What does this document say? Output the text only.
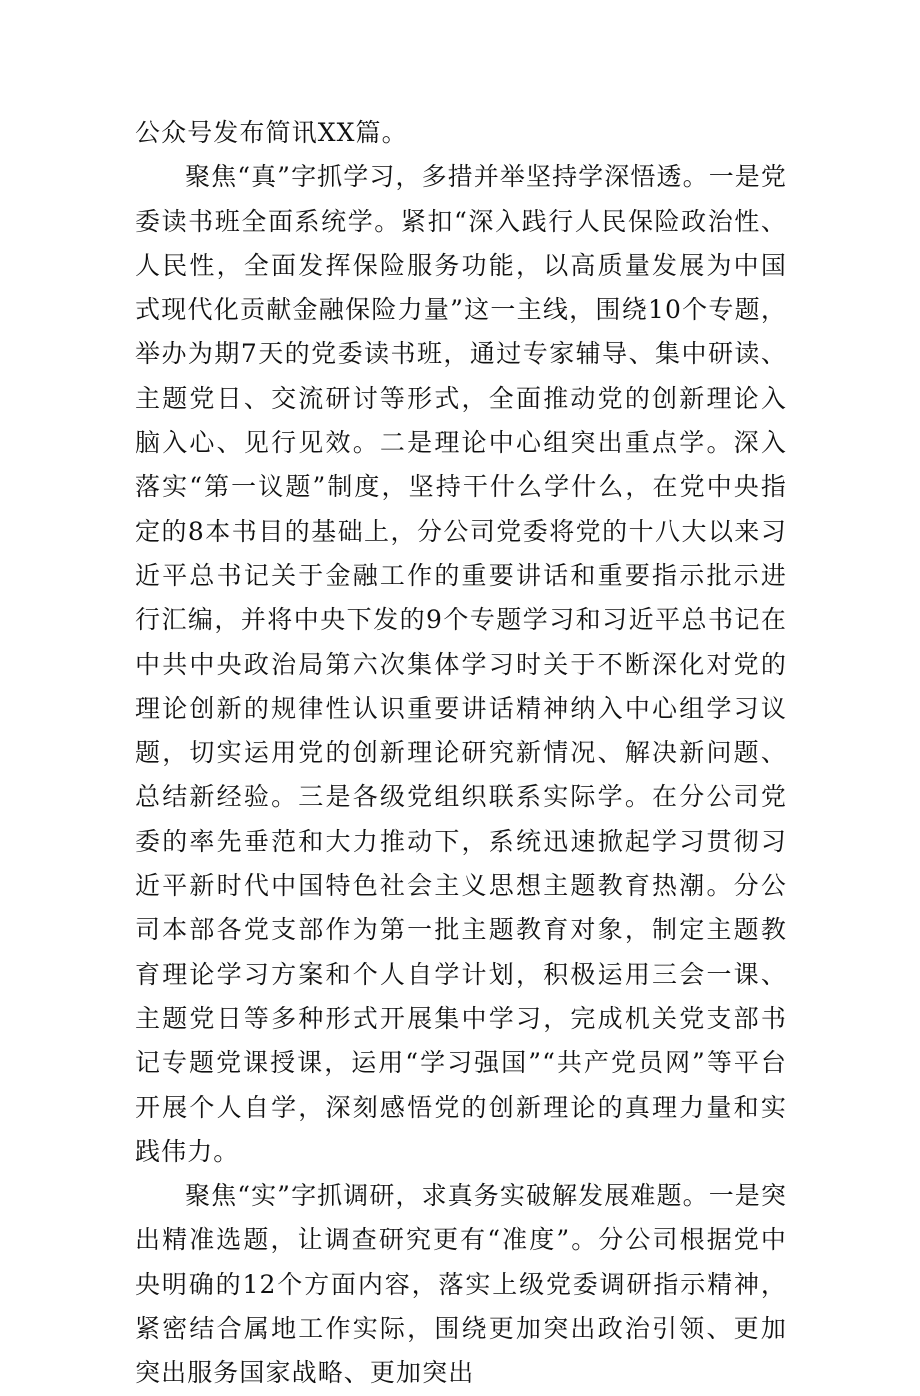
公众号发布简讯XX篇。

聚焦“真”字抓学习，多措并举坚持学深悟透。一是党委读书班全面系统学。紧扣“深入践行人民保险政治性、人民性，全面发挥保险服务功能，以高质量发展为中国式现代化贡献金融保险力量”这一主线，围绕10个专题，举办为期7天的党委读书班，通过专家辅导、集中研读、主题党日、交流研讨等形式，全面推动党的创新理论入脑入心、见行见效。二是理论中心组突出重点学。深入落实“第一议题”制度，坚持干什么学什么，在党中央指定的8本书目的基础上，分公司党委将党的十八大以来习近平总书记关于金融工作的重要讲话和重要指示批示进行汇编，并将中央下发的9个专题学习和习近平总书记在中共中央政治局第六次集体学习时关于不断深化对党的理论创新的规律性认识重要讲话精神纳入中心组学习议题，切实运用党的创新理论研究新情况、解决新问题、总结新经验。三是各级党组织联系实际学。在分公司党委的率先垂范和大力推动下，系统迅速掀起学习贯彻习近平新时代中国特色社会主义思想主题教育热潮。分公司本部各党支部作为第一批主题教育对象，制定主题教育理论学习方案和个人自学计划，积极运用三会一课、主题党日等多种形式开展集中学习，完成机关党支部书记专题党课授课，运用“学习强国”“共产党员网”等平台开展个人自学，深刻感悟党的创新理论的真理力量和实践伟力。

聚焦“实”字抓调研，求真务实破解发展难题。一是突出精准选题，让调查研究更有“准度”。分公司根据党中央明确的12个方面内容，落实上级党委调研指示精神，紧密结合属地工作实际，围绕更加突出政治引领、更加突出服务国家战略、更加突出
